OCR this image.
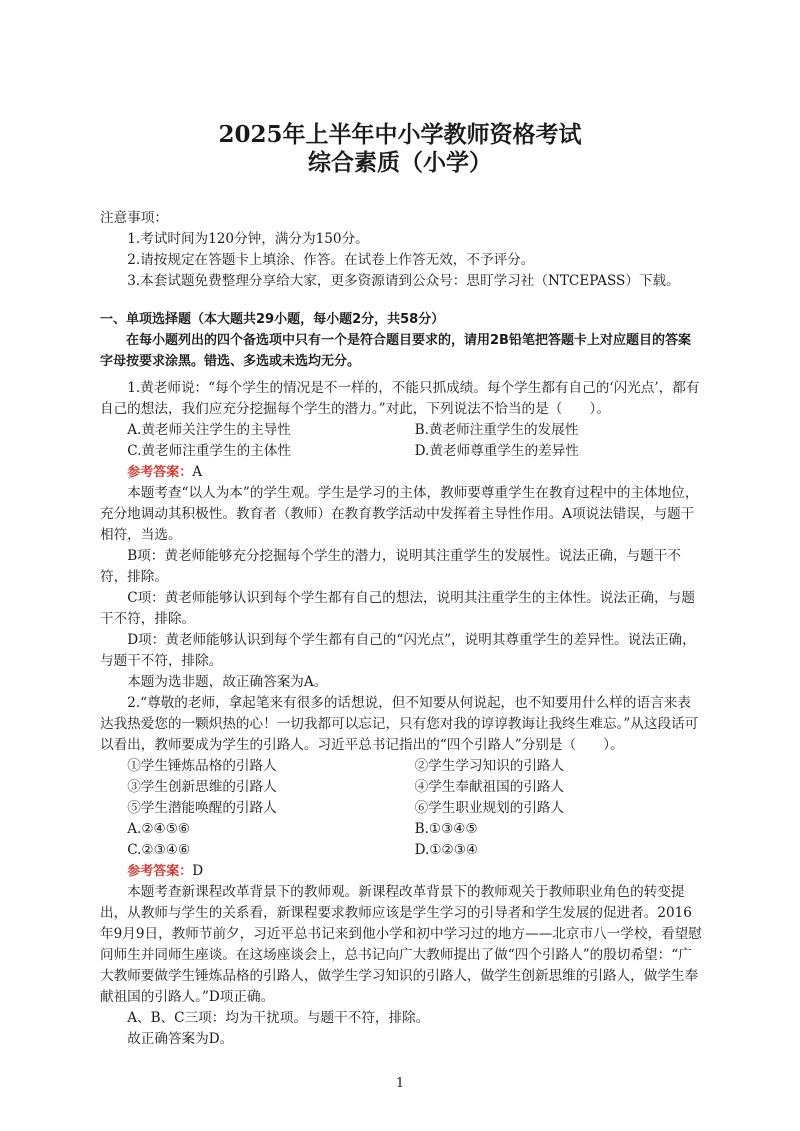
2025年上半年中小学教师资格考试
综合素质（小学）

注意事项：

1.考试时间为120分钟，满分为150分。

2.请按规定在答题卡上填涂、作答。在试卷上作答无效，不予评分。

3.本套试题免费整理分享给大家，更多资源请到公众号：思盯学习社（NTCEPASS）下载。

一、单项选择题（本大题共29小题，每小题2分，共58分）

在每小题列出的四个备选项中只有一个是符合题目要求的，请用2B铅笔把答题卡上对应题目的答案字母按要求涂黑。错选、多选或未选均无分。

1.黄老师说：“每个学生的情况是不一样的，不能只抓成绩。每个学生都有自己的‘闪光点’，都有自己的想法，我们应充分挖掘每个学生的潜力。”对此，下列说法不恰当的是（　　）。

A.黄老师关注学生的主导性	B.黄老师注重学生的发展性
C.黄老师注重学生的主体性	D.黄老师尊重学生的差异性

参考答案：A

本题考查“以人为本”的学生观。学生是学习的主体，教师要尊重学生在教育过程中的主体地位，充分地调动其积极性。教育者（教师）在教育教学活动中发挥着主导性作用。A项说法错误，与题干相符，当选。

B项：黄老师能够充分挖掘每个学生的潜力，说明其注重学生的发展性。说法正确，与题干不符，排除。

C项：黄老师能够认识到每个学生都有自己的想法，说明其注重学生的主体性。说法正确，与题干不符，排除。

D项：黄老师能够认识到每个学生都有自己的“闪光点”，说明其尊重学生的差异性。说法正确，与题干不符，排除。

本题为选非题，故正确答案为A。

2.“尊敬的老师，拿起笔来有很多的话想说，但不知要从何说起，也不知要用什么样的语言来表达我热爱您的一颗炽热的心！一切我都可以忘记，只有您对我的谆谆教诲让我终生难忘。”从这段话可以看出，教师要成为学生的引路人。习近平总书记指出的“四个引路人”分别是（　　）。

①学生锤炼品格的引路人	②学生学习知识的引路人
③学生创新思维的引路人	④学生奉献祖国的引路人
⑤学生潜能唤醒的引路人	⑥学生职业规划的引路人
A.②④⑤⑥	B.①③④⑤
C.②③④⑥	D.①②③④

参考答案：D

本题考查新课程改革背景下的教师观。新课程改革背景下的教师观关于教师职业角色的转变提出，从教师与学生的关系看，新课程要求教师应该是学生学习的引导者和学生发展的促进者。2016年9月9日，教师节前夕，习近平总书记来到他小学和初中学习过的地方——北京市八一学校，看望慰问师生并同师生座谈。在这场座谈会上，总书记向广大教师提出了做“四个引路人”的殷切希望：“广大教师要做学生锤炼品格的引路人，做学生学习知识的引路人，做学生创新思维的引路人，做学生奉献祖国的引路人。”D项正确。

A、B、C三项：均为干扰项。与题干不符，排除。

故正确答案为D。

1
